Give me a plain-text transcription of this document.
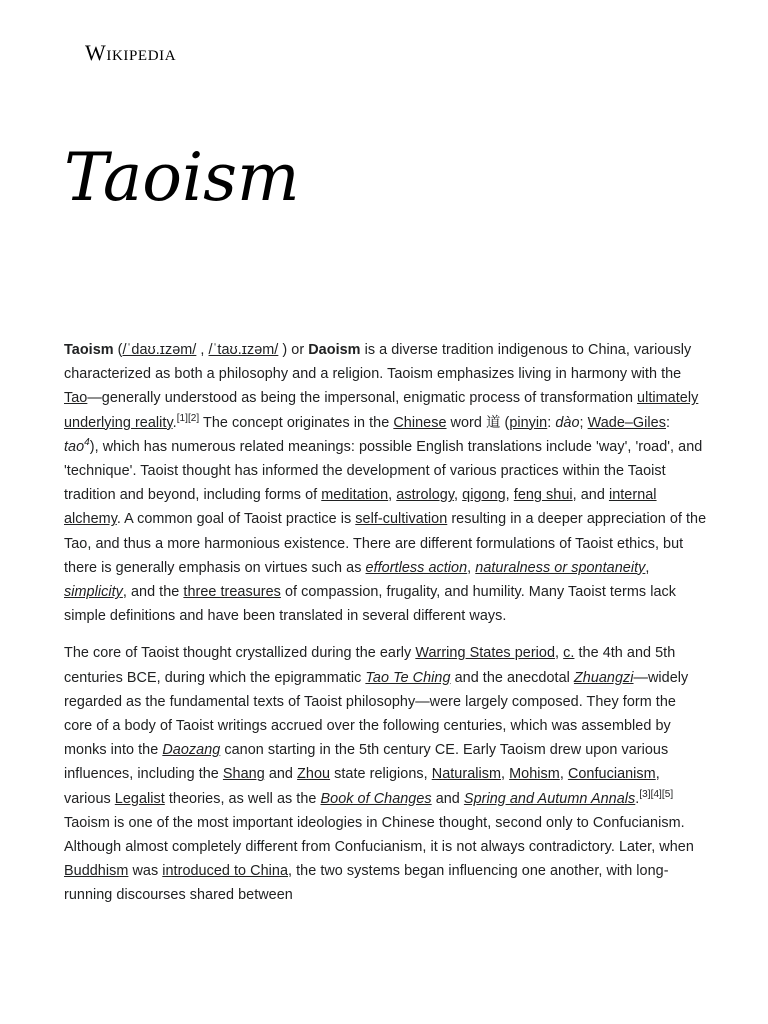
Wikipedia
Taoism

Taoism (/ˈdaʊ.ɪzəm/ , /ˈtaʊ.ɪzəm/ ) or Daoism is a diverse tradition indigenous to China, variously characterized as both a philosophy and a religion. Taoism emphasizes living in harmony with the Tao—generally understood as being the impersonal, enigmatic process of transformation ultimately underlying reality.[1][2] The concept originates in the Chinese word 道 (pinyin: dào; Wade–Giles: tao$^4$), which has numerous related meanings: possible English translations include 'way', 'road', and 'technique'. Taoist thought has informed the development of various practices within the Taoist tradition and beyond, including forms of meditation, astrology, qigong, feng shui, and internal alchemy. A common goal of Taoist practice is self-cultivation resulting in a deeper appreciation of the Tao, and thus a more harmonious existence. There are different formulations of Taoist ethics, but there is generally emphasis on virtues such as effortless action, naturalness or spontaneity, simplicity, and the three treasures of compassion, frugality, and humility. Many Taoist terms lack simple definitions and have been translated in several different ways.

The core of Taoist thought crystallized during the early Warring States period, c. the 4th and 5th centuries BCE, during which the epigrammatic Tao Te Ching and the anecdotal Zhuangzi—widely regarded as the fundamental texts of Taoist philosophy—were largely composed. They form the core of a body of Taoist writings accrued over the following centuries, which was assembled by monks into the Daozang canon starting in the 5th century CE. Early Taoism drew upon various influences, including the Shang and Zhou state religions, Naturalism, Mohism, Confucianism, various Legalist theories, as well as the Book of Changes and Spring and Autumn Annals.[3][4][5] Taoism is one of the most important ideologies in Chinese thought, second only to Confucianism. Although almost completely different from Confucianism, it is not always contradictory. Later, when Buddhism was introduced to China, the two systems began influencing one another, with long-running discourses shared between
